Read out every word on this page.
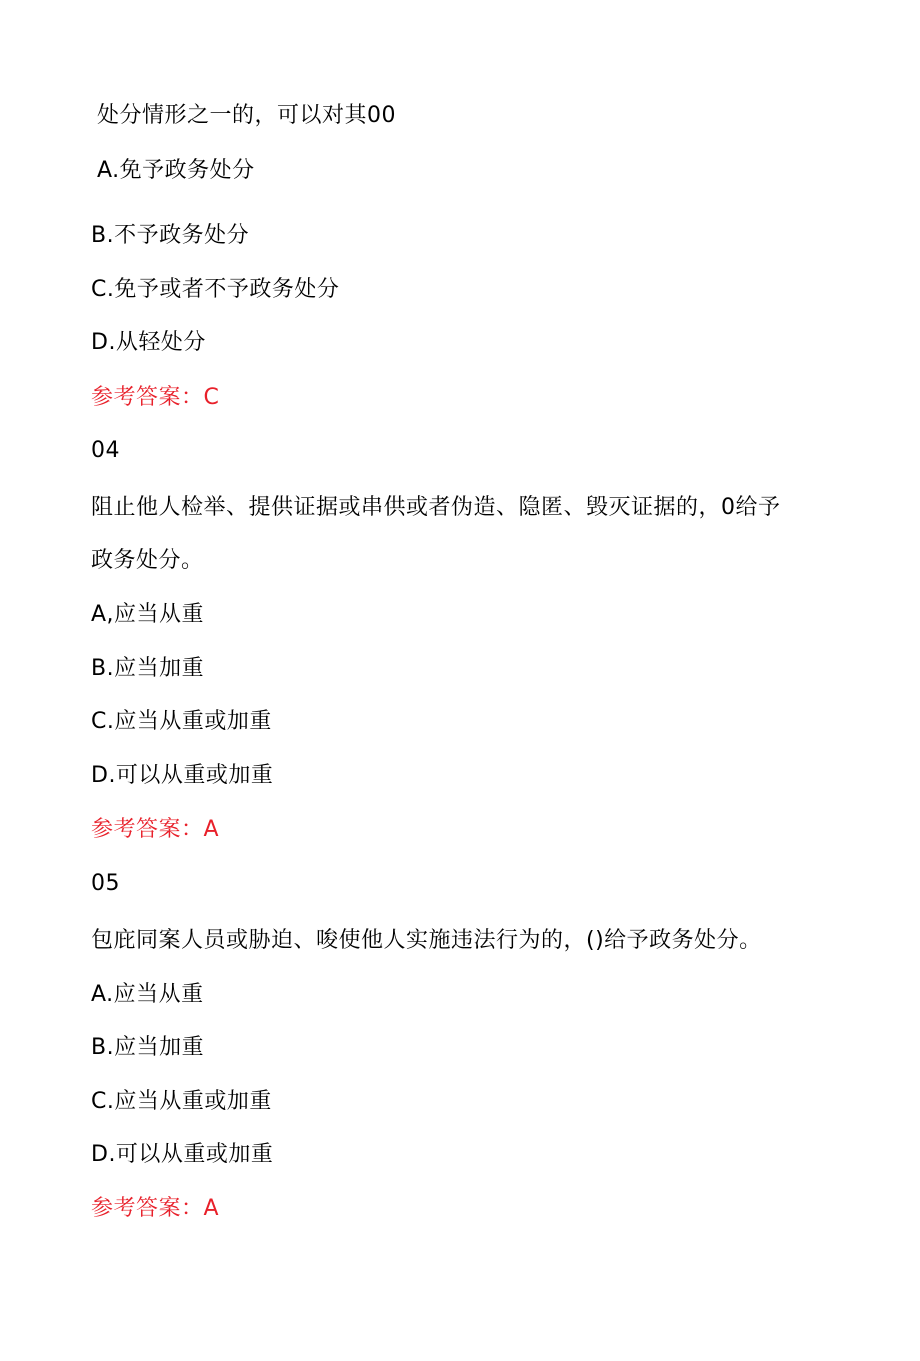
处分情形之一的，可以对其00
A.免予政务处分
B.不予政务处分
C.免予或者不予政务处分
D.从轻处分
参考答案：C
04
阻止他人检举、提供证据或串供或者伪造、隐匿、毁灭证据的，0给予
政务处分。
A,应当从重
B.应当加重
C.应当从重或加重
D.可以从重或加重
参考答案：A
05
包庇同案人员或胁迫、唆使他人实施违法行为的，()给予政务处分。
A.应当从重
B.应当加重
C.应当从重或加重
D.可以从重或加重
参考答案：A
